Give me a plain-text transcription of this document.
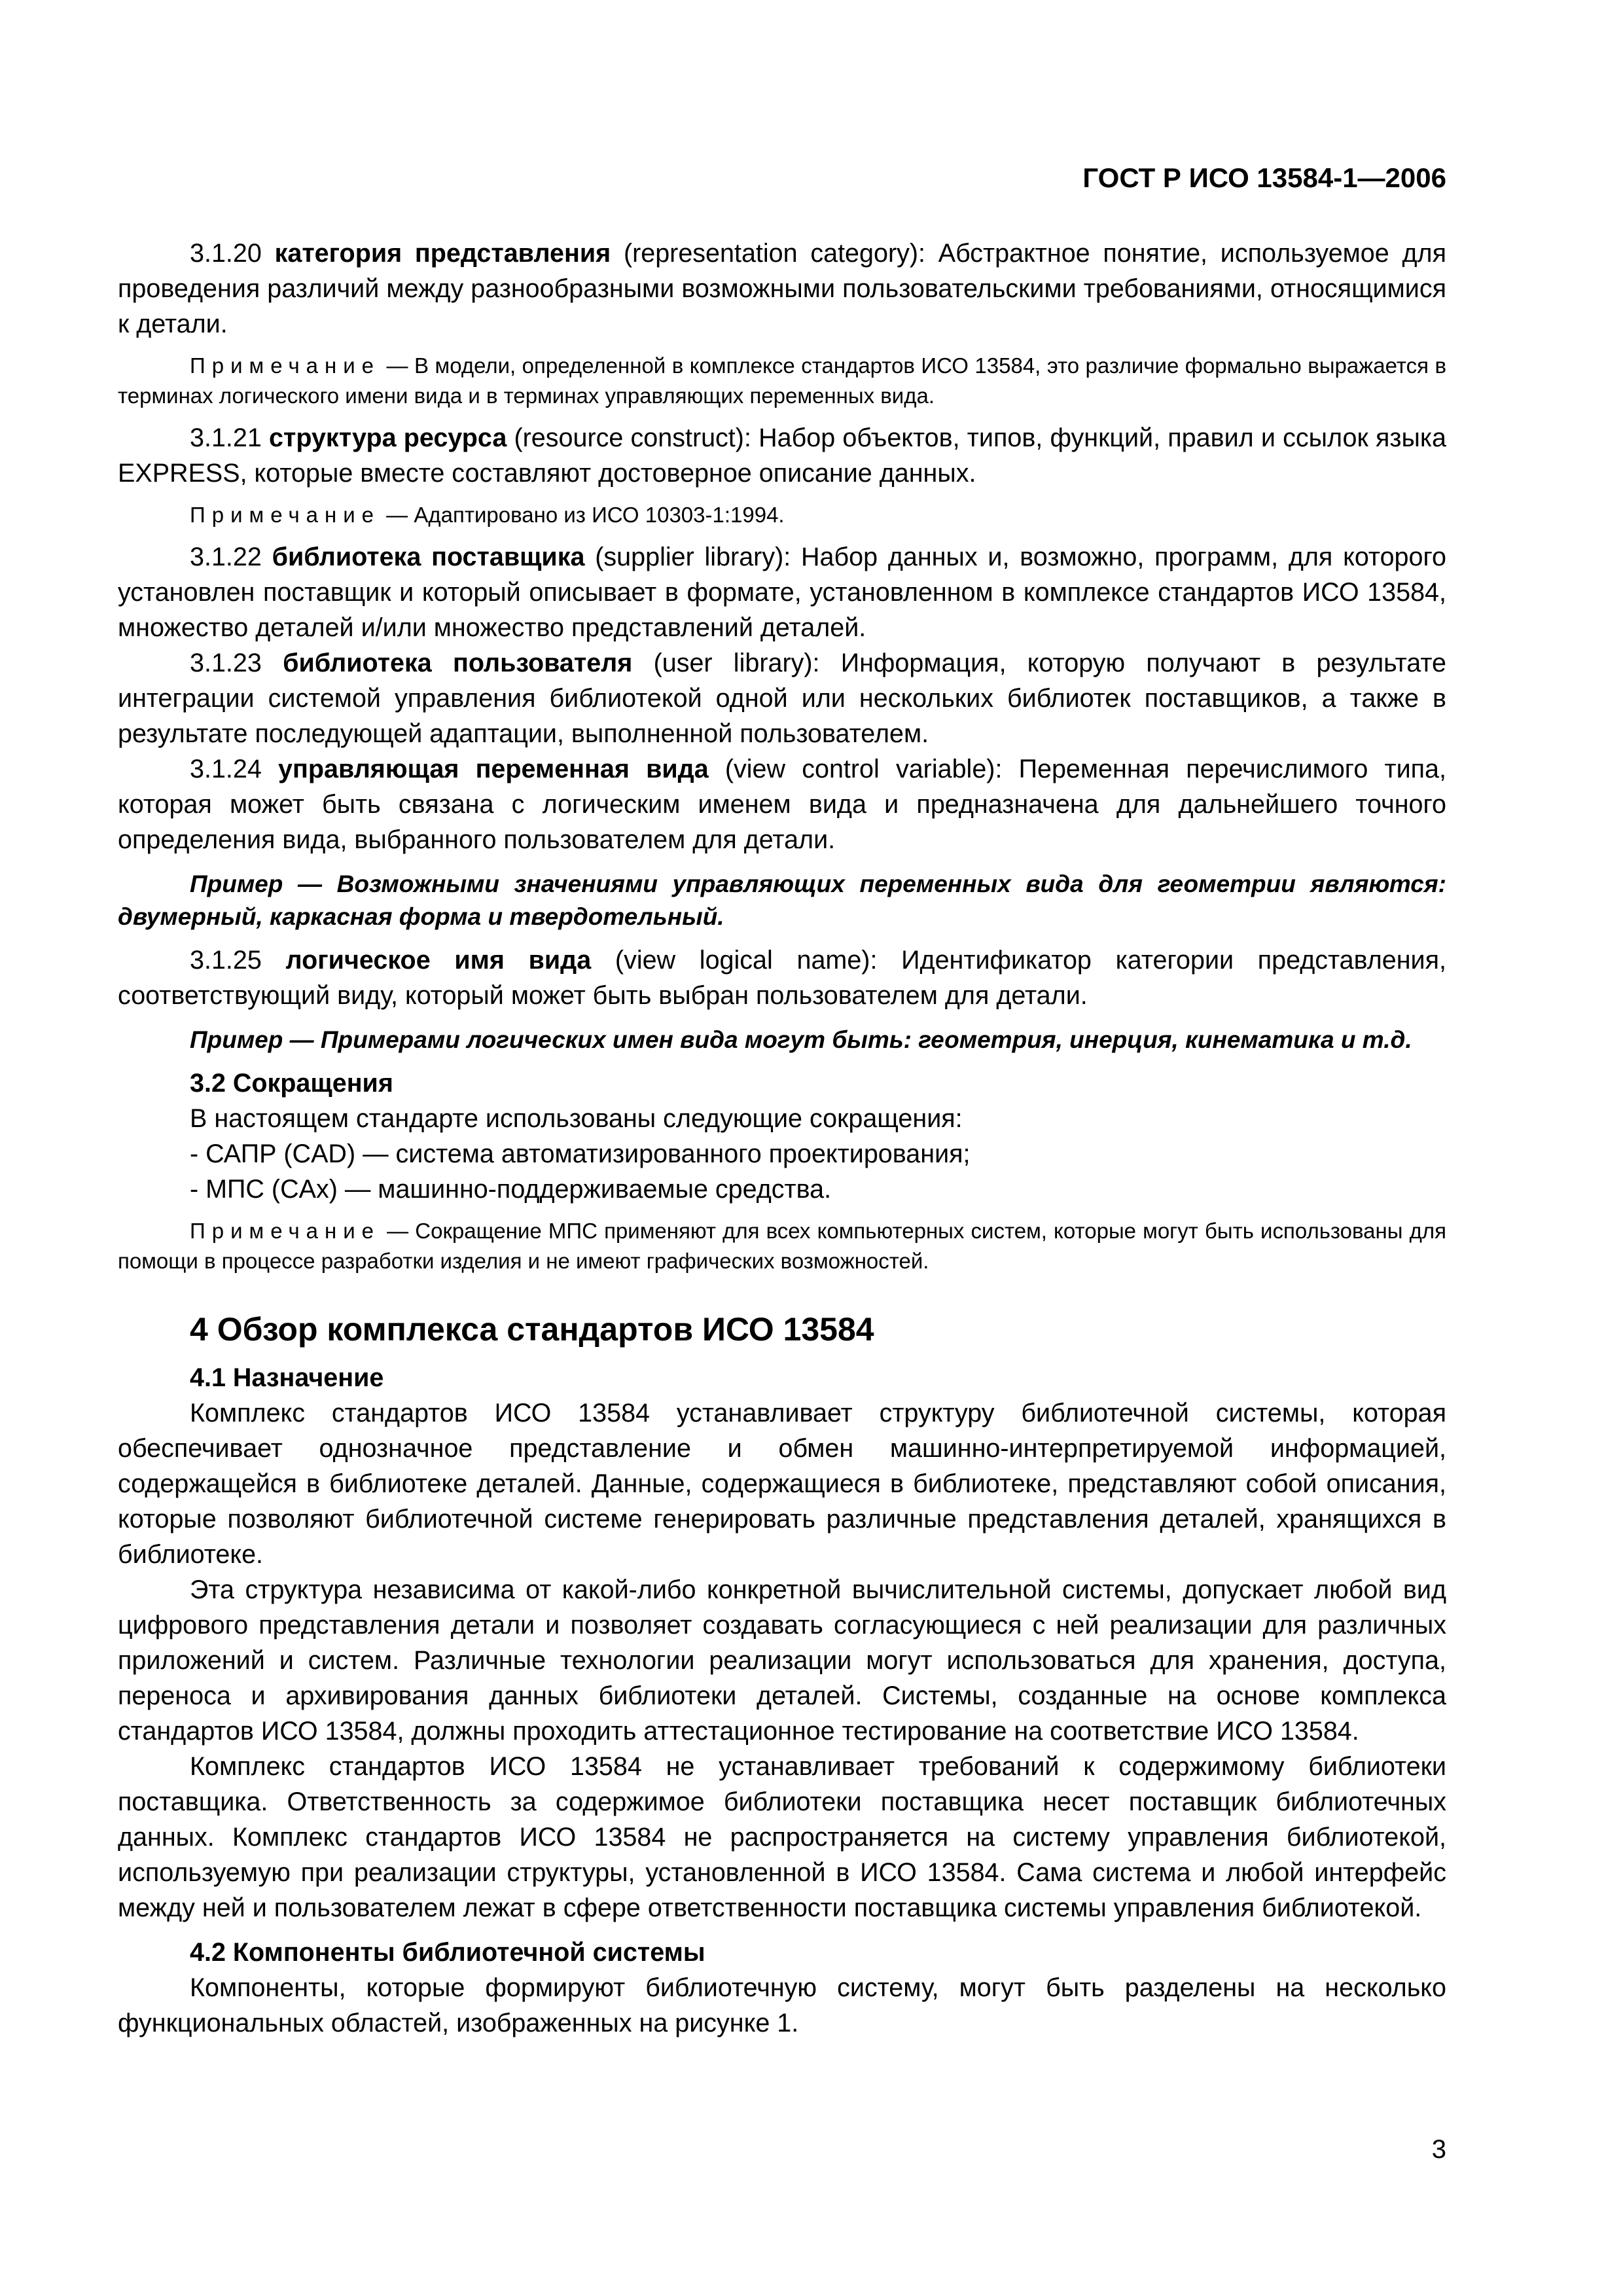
ГОСТ Р ИСО 13584-1—2006

3.1.20 категория представления (representation category): Абстрактное понятие, используемое для проведения различий между разнообразными возможными пользовательскими требованиями, относящимися к детали.

Примечание — В модели, определенной в комплексе стандартов ИСО 13584, это различие формально выражается в терминах логического имени вида и в терминах управляющих переменных вида.

3.1.21 структура ресурса (resource construct): Набор объектов, типов, функций, правил и ссылок языка EXPRESS, которые вместе составляют достоверное описание данных.

Примечание — Адаптировано из ИСО 10303-1:1994.

3.1.22 библиотека поставщика (supplier library): Набор данных и, возможно, программ, для которого установлен поставщик и который описывает в формате, установленном в комплексе стандартов ИСО 13584, множество деталей и/или множество представлений деталей.

3.1.23 библиотека пользователя (user library): Информация, которую получают в результате интеграции системой управления библиотекой одной или нескольких библиотек поставщиков, а также в результате последующей адаптации, выполненной пользователем.

3.1.24 управляющая переменная вида (view control variable): Переменная перечислимого типа, которая может быть связана с логическим именем вида и предназначена для дальнейшего точного определения вида, выбранного пользователем для детали.

Пример — Возможными значениями управляющих переменных вида для геометрии являются: двумерный, каркасная форма и твердотельный.

3.1.25 логическое имя вида (view logical name): Идентификатор категории представления, соответствующий виду, который может быть выбран пользователем для детали.

Пример — Примерами логических имен вида могут быть: геометрия, инерция, кинематика и т.д.

3.2 Сокращения

В настоящем стандарте использованы следующие сокращения:

- САПР (CAD) — система автоматизированного проектирования;

- МПС (CAx) — машинно-поддерживаемые средства.

Примечание — Сокращение МПС применяют для всех компьютерных систем, которые могут быть использованы для помощи в процессе разработки изделия и не имеют графических возможностей.

4 Обзор комплекса стандартов ИСО 13584

4.1 Назначение

Комплекс стандартов ИСО 13584 устанавливает структуру библиотечной системы, которая обеспечивает однозначное представление и обмен машинно-интерпретируемой информацией, содержащейся в библиотеке деталей. Данные, содержащиеся в библиотеке, представляют собой описания, которые позволяют библиотечной системе генерировать различные представления деталей, хранящихся в библиотеке.

Эта структура независима от какой-либо конкретной вычислительной системы, допускает любой вид цифрового представления детали и позволяет создавать согласующиеся с ней реализации для различных приложений и систем. Различные технологии реализации могут использоваться для хранения, доступа, переноса и архивирования данных библиотеки деталей. Системы, созданные на основе комплекса стандартов ИСО 13584, должны проходить аттестационное тестирование на соответствие ИСО 13584.

Комплекс стандартов ИСО 13584 не устанавливает требований к содержимому библиотеки поставщика. Ответственность за содержимое библиотеки поставщика несет поставщик библиотечных данных. Комплекс стандартов ИСО 13584 не распространяется на систему управления библиотекой, используемую при реализации структуры, установленной в ИСО 13584. Сама система и любой интерфейс между ней и пользователем лежат в сфере ответственности поставщика системы управления библиотекой.

4.2 Компоненты библиотечной системы

Компоненты, которые формируют библиотечную систему, могут быть разделены на несколько функциональных областей, изображенных на рисунке 1.

3
